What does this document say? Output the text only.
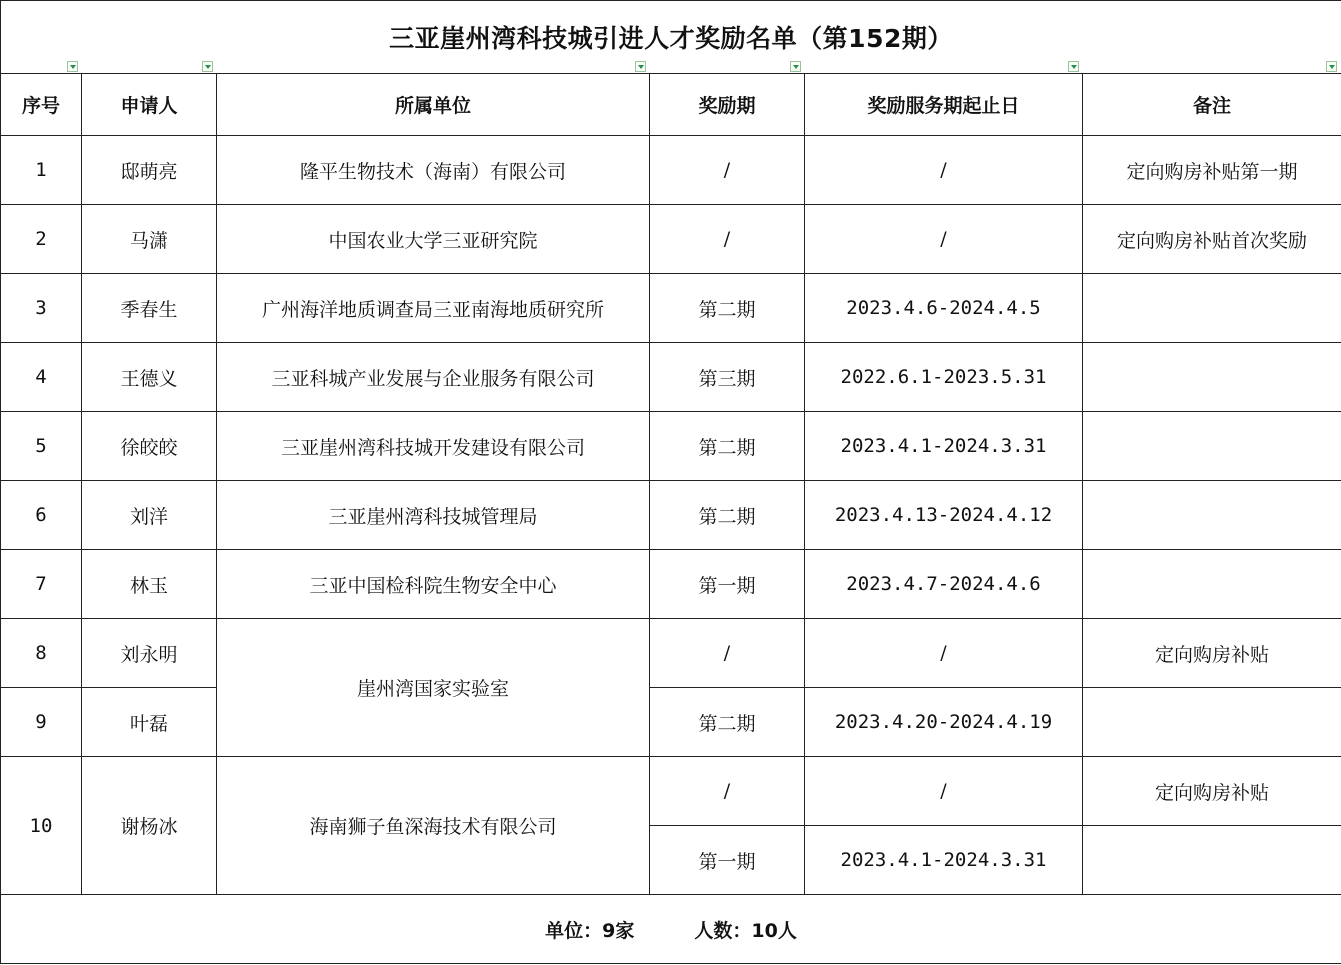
三亚崖州湾科技城引进人才奖励名单（第152期）					
序号	申请人	所属单位	奖励期	奖励服务期起止日	备注
1	邸萌亮	隆平生物技术（海南）有限公司	/	/	定向购房补贴第一期
2	马潇	中国农业大学三亚研究院	/	/	定向购房补贴首次奖励
3	季春生	广州海洋地质调查局三亚南海地质研究所	第二期	2023.4.6-2024.4.5	
4	王德义	三亚科城产业发展与企业服务有限公司	第三期	2022.6.1-2023.5.31	
5	徐皎皎	三亚崖州湾科技城开发建设有限公司	第二期	2023.4.1-2024.3.31	
6	刘洋	三亚崖州湾科技城管理局	第二期	2023.4.13-2024.4.12	
7	林玉	三亚中国检科院生物安全中心	第一期	2023.4.7-2024.4.6	
8	刘永明	崖州湾国家实验室	/	/	定向购房补贴
9	叶磊		第二期	2023.4.20-2024.4.19	
10	谢杨冰	海南狮子鱼深海技术有限公司	/	/	定向购房补贴
			第一期	2023.4.1-2024.3.31	
单位：9家 人数：10人					
